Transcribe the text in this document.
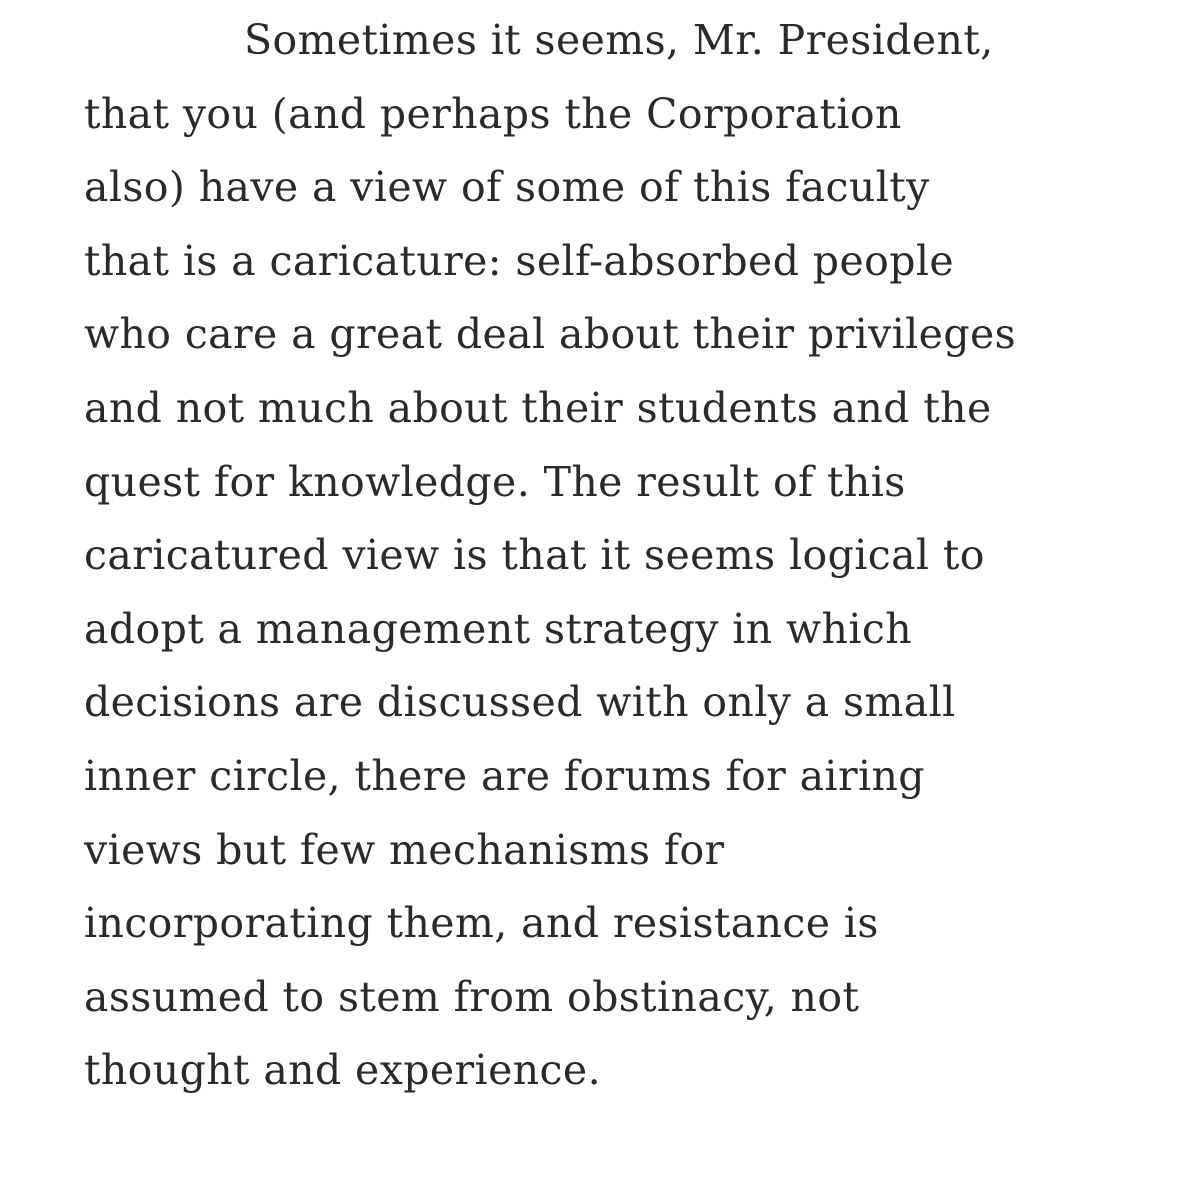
Sometimes it seems, Mr. President,
that you (and perhaps the Corporation
also) have a view of some of this faculty
that is a caricature: self-absorbed people
who care a great deal about their privileges
and not much about their students and the
quest for knowledge. The result of this
caricatured view is that it seems logical to
adopt a management strategy in which
decisions are discussed with only a small
inner circle, there are forums for airing
views but few mechanisms for
incorporating them, and resistance is
assumed to stem from obstinacy, not
thought and experience.
